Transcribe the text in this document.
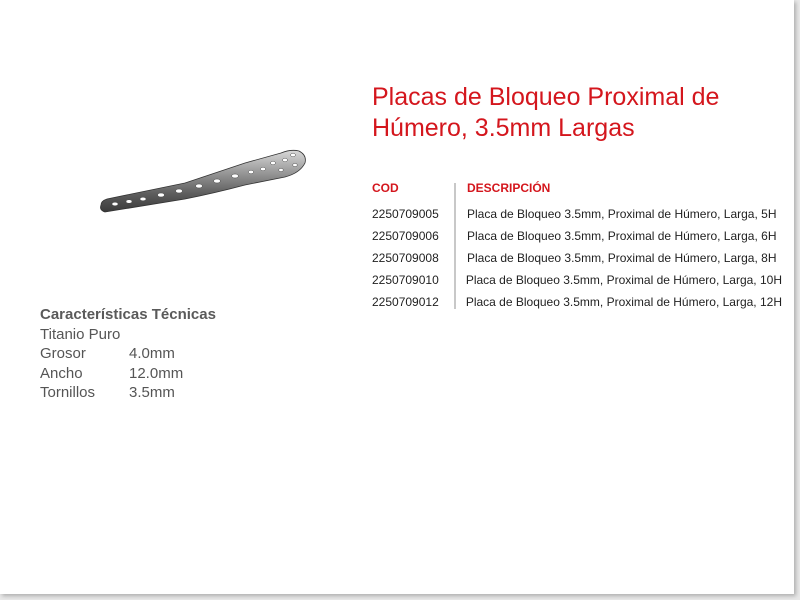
Placas de Bloqueo Proximal de Húmero, 3.5mm Largas
COD	DESCRIPCIÓN
2250709005	Placa de Bloqueo 3.5mm, Proximal de Húmero, Larga, 5H
2250709006	Placa de Bloqueo 3.5mm, Proximal de Húmero, Larga, 6H
2250709008	Placa de Bloqueo 3.5mm, Proximal de Húmero, Larga, 8H
2250709010	Placa de Bloqueo 3.5mm, Proximal de Húmero, Larga, 10H
2250709012	Placa de Bloqueo 3.5mm, Proximal de Húmero, Larga, 12H
Características Técnicas
Titanio Puro
Grosor	4.0mm
Ancho	12.0mm
Tornillos	3.5mm
